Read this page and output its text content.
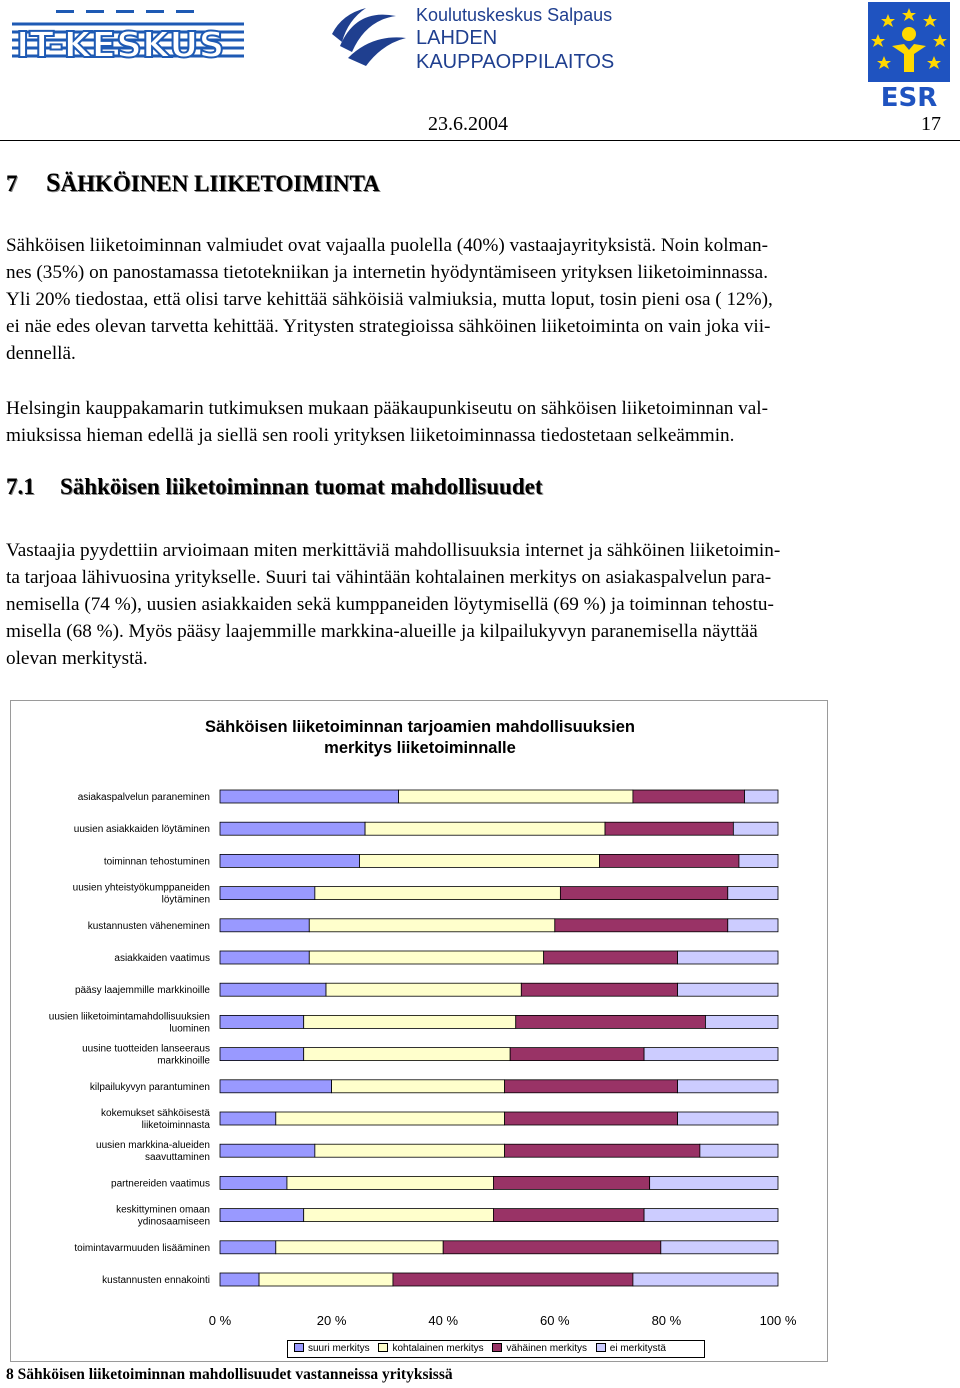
IT-KESKUS
Koulutuskeskus Salpaus
LAHDEN
KAUPPAOPPILAITOS
ESR
23.6.2004	17
7 SÄHKÖINEN LIIKETOIMINTA
Sähköisen liiketoiminnan valmiudet ovat vajaalla puolella (40%) vastaajayrityksistä. Noin kolman-
nes (35%) on panostamassa tietotekniikan ja internetin hyödyntämiseen yrityksen liiketoiminnassa.
Yli 20% tiedostaa, että olisi tarve kehittää sähköisiä valmiuksia, mutta loput, tosin pieni osa ( 12%),
ei näe edes olevan tarvetta kehittää. Yritysten strategioissa sähköinen liiketoiminta on vain joka vii-
dennellä.
Helsingin kauppakamarin tutkimuksen mukaan pääkaupunkiseutu on sähköisen liiketoiminnan val-
miuksissa hieman edellä ja siellä sen rooli yrityksen liiketoiminnassa tiedostetaan selkeämmin.
7.1 Sähköisen liiketoiminnan tuomat mahdollisuudet
Vastaajia pyydettiin arvioimaan miten merkittäviä mahdollisuuksia internet ja sähköinen liiketoimin-
ta tarjoaa lähivuosina yritykselle. Suuri tai vähintään kohtalainen merkitys on asiakaspalvelun para-
nemisella (74 %), uusien asiakkaiden sekä kumppaneiden löytymisellä (69 %) ja toiminnan tehostu-
misella (68 %). Myös pääsy laajemmille markkina-alueille ja kilpailukyvyn paranemisella näyttää
olevan merkitystä.
Sähköisen liiketoiminnan tarjoamien mahdollisuuksien
merkitys liiketoiminnalle
asiakaspalvelun paraneminen
uusien asiakkaiden löytäminen
toiminnan tehostuminen
uusien yhteistyökumppaneiden
löytäminen
kustannusten väheneminen
asiakkaiden vaatimus
pääsy laajemmille markkinoille
uusien liiketoimintamahdollisuuksien
luominen
uusine tuotteiden lanseeraus
markkinoille
kilpailukyvyn parantuminen
kokemukset sähköisestä
liiketoiminnasta
uusien markkina-alueiden
saavuttaminen
partnereiden vaatimus
keskittyminen omaan
ydinosaamiseen
toimintavarmuuden lisääminen
kustannusten ennakointi
0 %	20 %	40 %	60 %	80 %	100 %
suuri merkitys kohtalainen merkitys vähäinen merkitys ei merkitystä
8 Sähköisen liiketoiminnan mahdollisuudet vastanneissa yrityksissä
